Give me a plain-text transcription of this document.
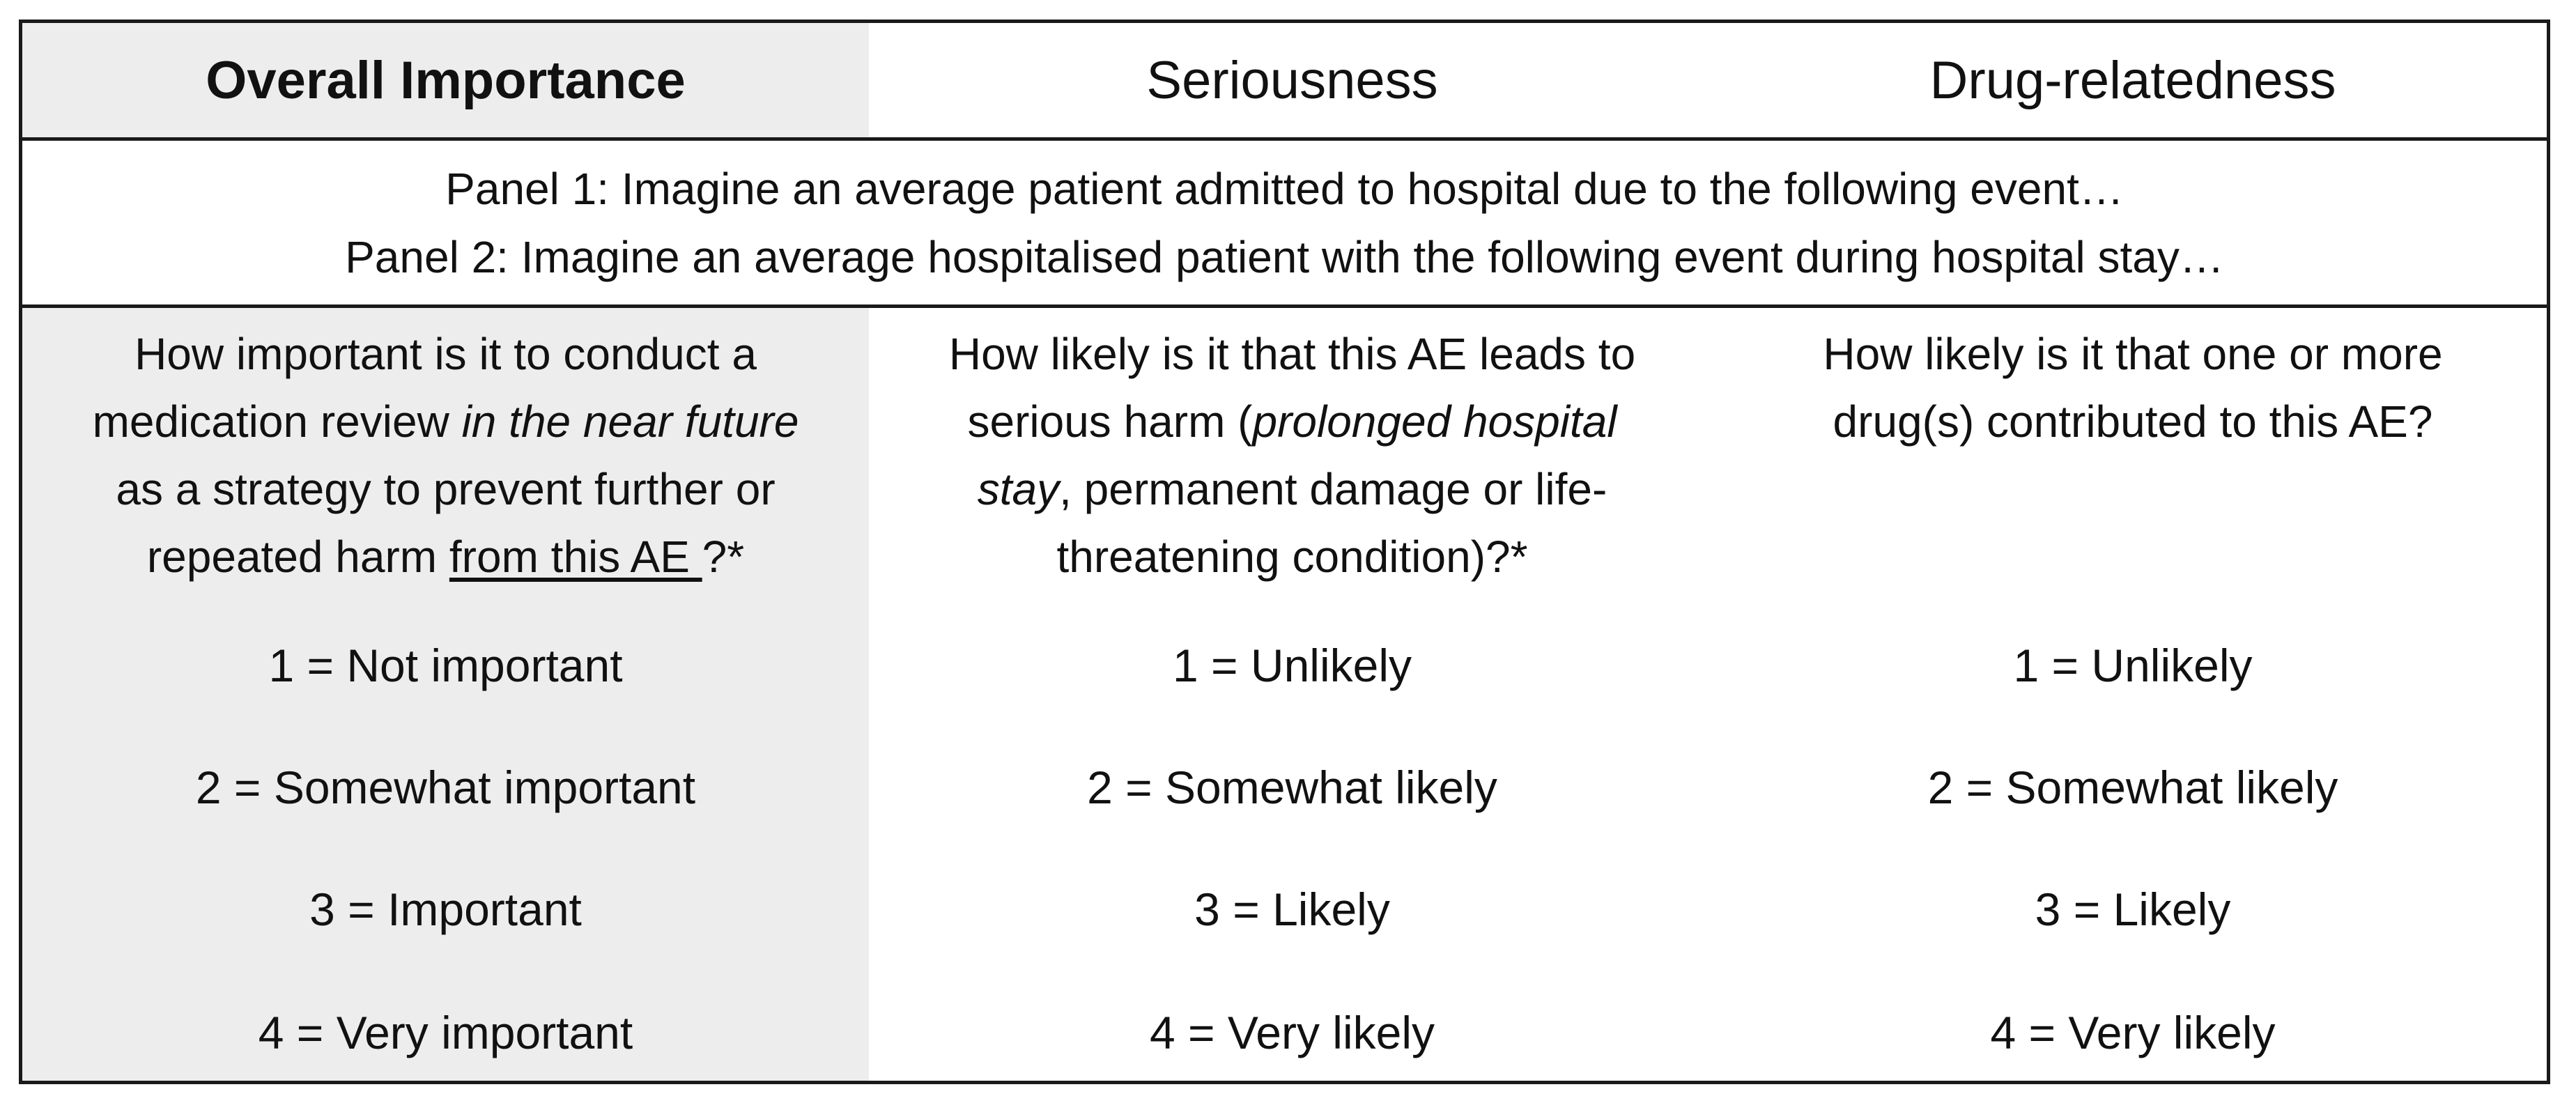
Overall Importance	Seriousness	Drug-relatedness
Panel 1: Imagine an average patient admitted to hospital due to the following event…
Panel 2: Imagine an average hospitalised patient with the following event during hospital stay…
How important is it to conduct a
medication review in the near future
as a strategy to prevent further or
repeated harm from this AE ?*
1 = Not important
2 = Somewhat important
3 = Important
4 = Very important
How likely is it that this AE leads to
serious harm (prolonged hospital
stay, permanent damage or life-
threatening condition)?*
1 = Unlikely
2 = Somewhat likely
3 = Likely
4 = Very likely
How likely is it that one or more
drug(s) contributed to this AE?
1 = Unlikely
2 = Somewhat likely
3 = Likely
4 = Very likely
